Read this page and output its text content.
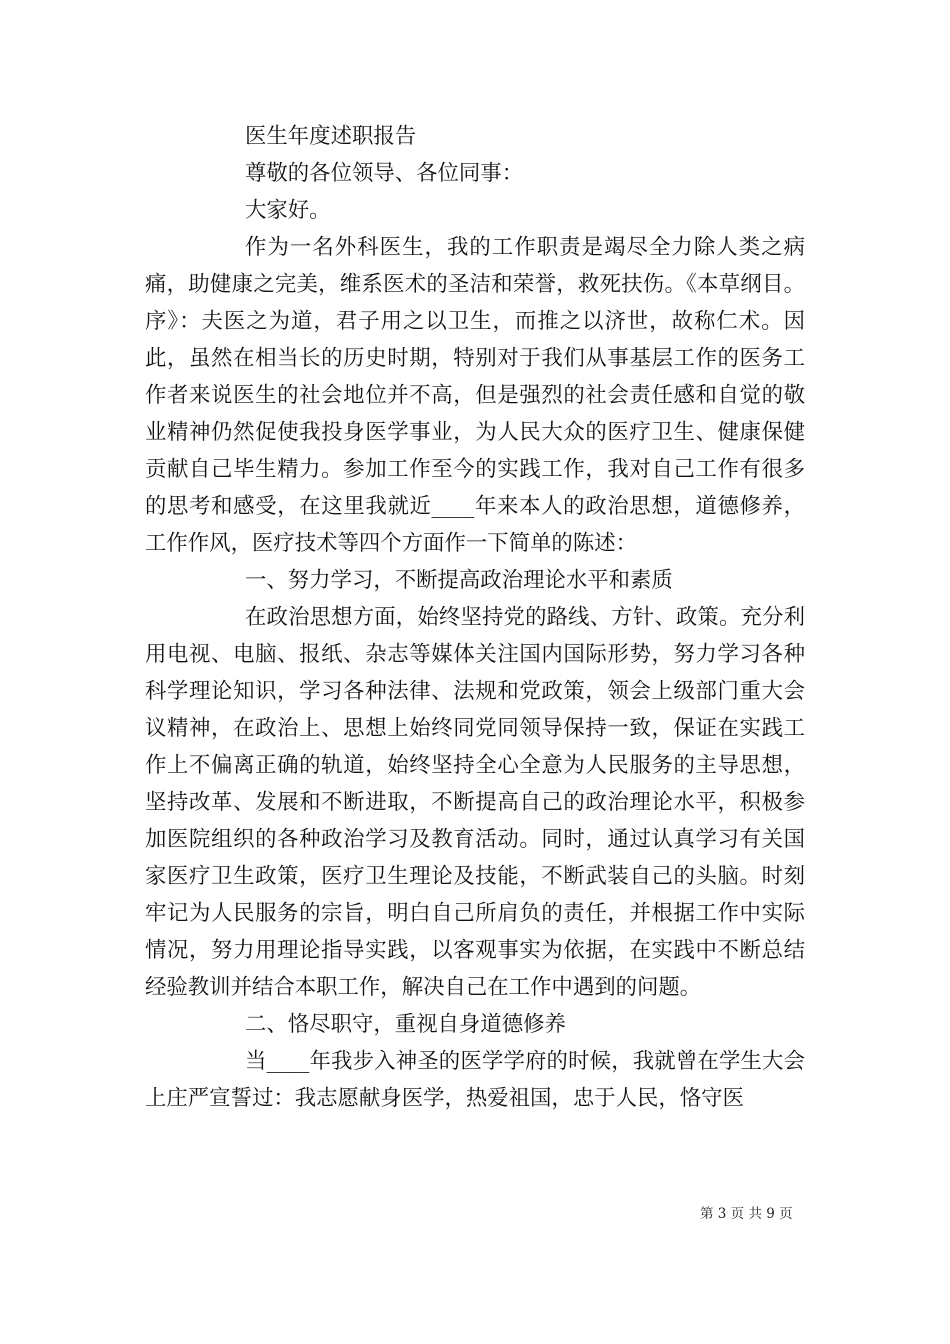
医生年度述职报告

尊敬的各位领导、各位同事：

大家好。

作为一名外科医生，我的工作职责是竭尽全力除人类之病痛，助健康之完美，维系医术的圣洁和荣誉，救死扶伤。《本草纲目。序》：夫医之为道，君子用之以卫生，而推之以济世，故称仁术。因此，虽然在相当长的历史时期，特别对于我们从事基层工作的医务工作者来说医生的社会地位并不高，但是强烈的社会责任感和自觉的敬业精神仍然促使我投身医学事业，为人民大众的医疗卫生、健康保健贡献自己毕生精力。参加工作至今的实践工作，我对自己工作有很多的思考和感受，在这里我就近____年来本人的政治思想，道德修养，工作作风，医疗技术等四个方面作一下简单的陈述：

一、努力学习，不断提高政治理论水平和素质

在政治思想方面，始终坚持党的路线、方针、政策。充分利用电视、电脑、报纸、杂志等媒体关注国内国际形势，努力学习各种科学理论知识，学习各种法律、法规和党政策，领会上级部门重大会议精神，在政治上、思想上始终同党同领导保持一致，保证在实践工作上不偏离正确的轨道，始终坚持全心全意为人民服务的主导思想，坚持改革、发展和不断进取，不断提高自己的政治理论水平，积极参加医院组织的各种政治学习及教育活动。同时，通过认真学习有关国家医疗卫生政策，医疗卫生理论及技能，不断武装自己的头脑。时刻牢记为人民服务的宗旨，明白自己所肩负的责任，并根据工作中实际情况，努力用理论指导实践，以客观事实为依据，在实践中不断总结经验教训并结合本职工作，解决自己在工作中遇到的问题。

二、恪尽职守，重视自身道德修养

当____年我步入神圣的医学学府的时候，我就曾在学生大会上庄严宣誓过：我志愿献身医学，热爱祖国，忠于人民，恪守医

第 3 页 共 9 页
